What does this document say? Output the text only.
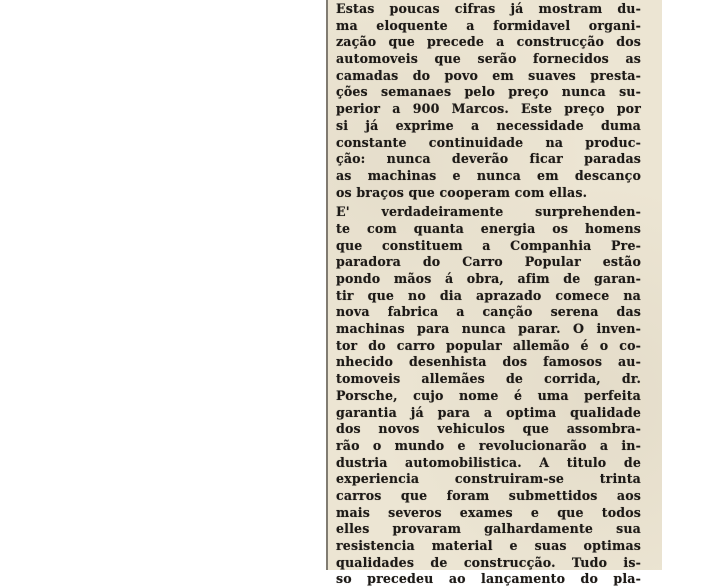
Estas poucas cifras já mostram du-
ma eloquente a formidavel organi-
zação que precede a construcção dos
automoveis que serão fornecidos as
camadas do povo em suaves presta-
ções semanaes pelo preço nunca su-
perior a 900 Marcos. Este preço por
si já exprime a necessidade duma
constante continuidade na produc-
ção: nunca deverão ficar paradas
as machinas e nunca em descanço
os braços que cooperam com ellas.
E' verdadeiramente surprehenden-
te com quanta energia os homens
que constituem a Companhia Pre-
paradora do Carro Popular estão
pondo mãos á obra, afim de garan-
tir que no dia aprazado comece na
nova fabrica a canção serena das
machinas para nunca parar. O inven-
tor do carro popular allemão é o co-
nhecido desenhista dos famosos au-
tomoveis allemães de corrida, dr.
Porsche, cujo nome é uma perfeita
garantia já para a optima qualidade
dos novos vehiculos que assombra-
rão o mundo e revolucionarão a in-
dustria automobilistica. A titulo de
experiencia construiram-se trinta
carros que foram submettidos aos
mais severos exames e que todos
elles provaram galhardamente sua
resistencia material e suas optimas
qualidades de construcção. Tudo is-
so precedeu ao lançamento do pla-
